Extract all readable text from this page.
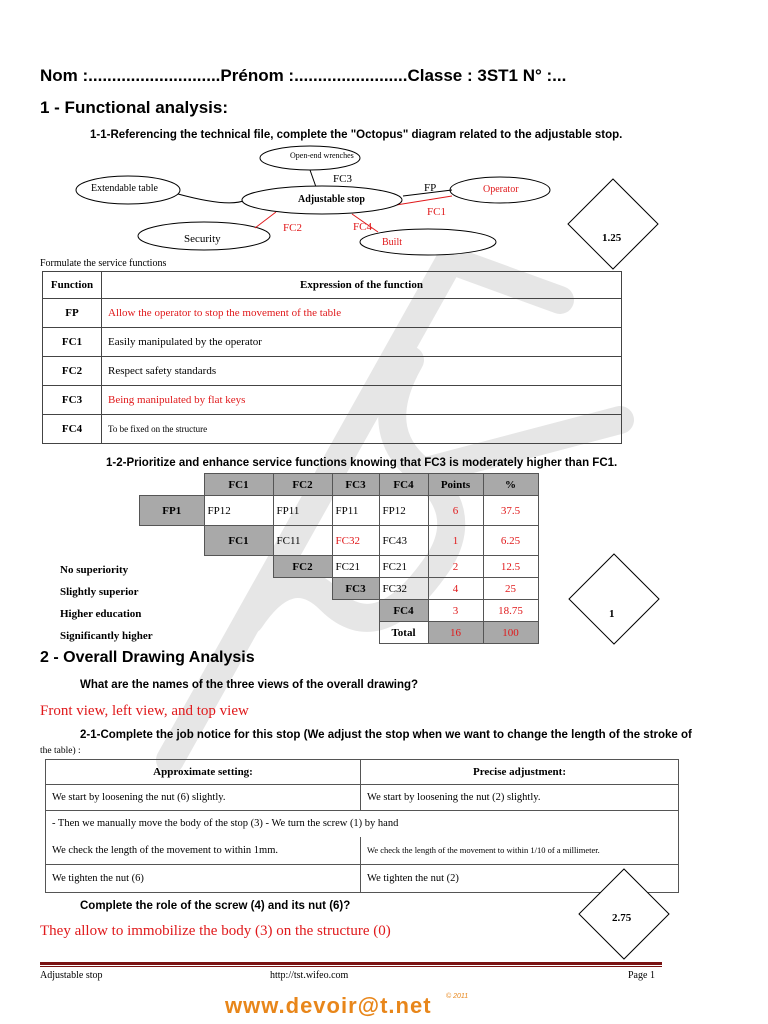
Nom :............................Prénom :........................Classe : 3ST1 N° :...
1 - Functional analysis:
1-1-Referencing the technical file, complete the "Octopus" diagram related to the adjustable stop.
Open-end wrenches
Extendable table	Operator
Security	Built
Adjustable stop
FC3
FP
FC1
FC2	FC4
1.25
Formulate the service functions
Function	Expression of the function
FP	Allow the operator to stop the movement of the table
FC1	Easily manipulated by the operator
FC2	Respect safety standards
FC3	Being manipulated by flat keys
FC4	To be fixed on the structure
1-2-Prioritize and enhance service functions knowing that FC3 is moderately higher than FC1.
	FC1	FC2	FC3	FC4	Points	%
FP1	FP12	FP11	FP11	FP12	6	37.5
	FC1	FC11	FC32	FC43	1	6.25
		FC2	FC21	FC21	2	12.5
			FC3	FC32	4	25
				FC4	3	18.75
				Total	16	100
No superiority
Slightly superior
Higher education
Significantly higher
1
2 - Overall Drawing Analysis
What are the names of the three views of the overall drawing?
Front view, left view, and top view
2-1-Complete the job notice for this stop (We adjust the stop when we want to change the length of the stroke of
the table) :
Approximate setting:	Precise adjustment:
We start by loosening the nut (6) slightly.	We start by loosening the nut (2) slightly.
- Then we manually move the body of the stop (3) - We turn the screw (1) by hand	
We check the length of the movement to within 1mm.	We check the length of the movement to within 1/10 of a millimeter.
We tighten the nut (6)	We tighten the nut (2)
2.75
Complete the role of the screw (4) and its nut (6)?
They allow to immobilize the body (3) on the structure (0)
Adjustable stop	http://tst.wifeo.com	Page 1
www.devoir@t.net © 2011
